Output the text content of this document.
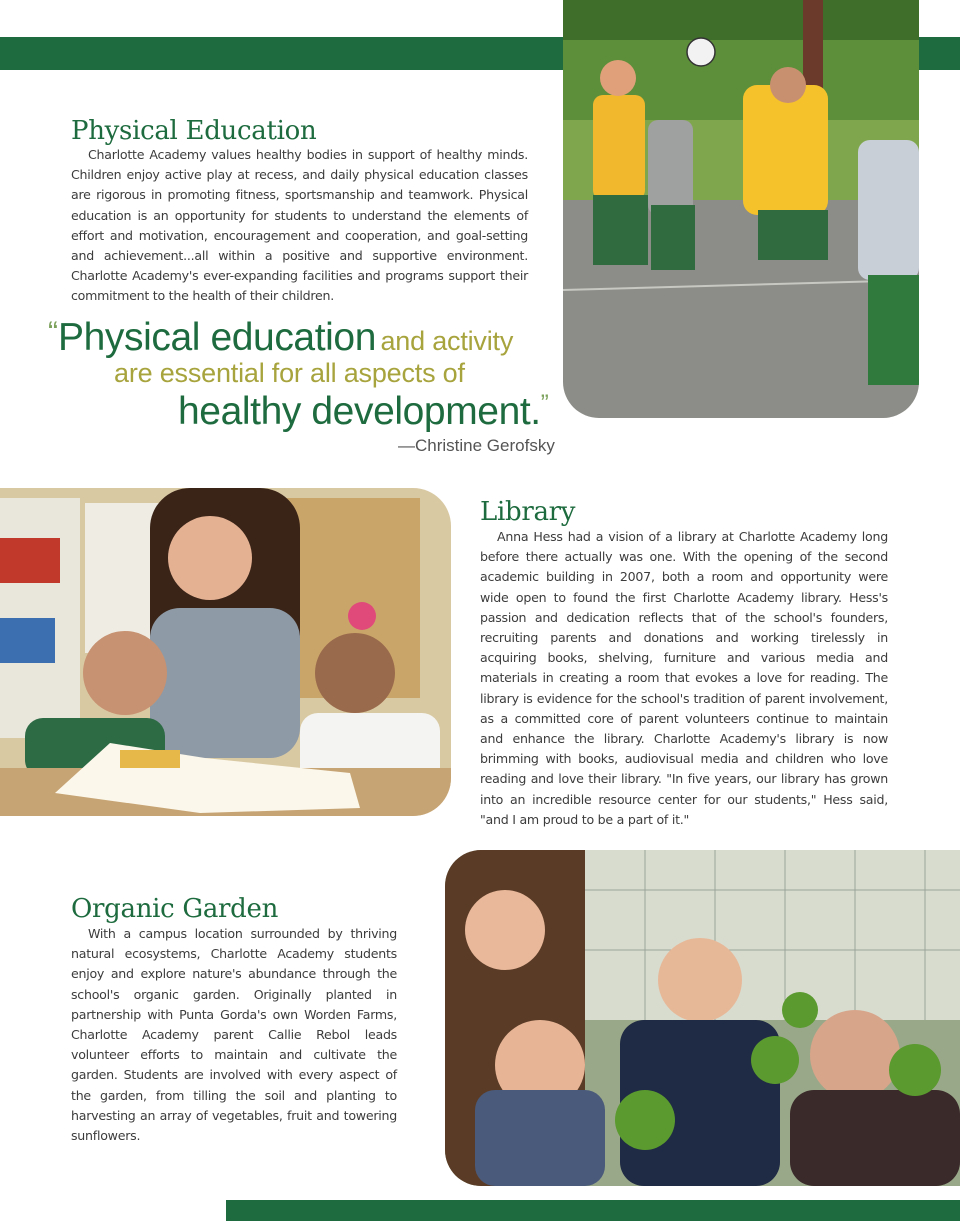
Physical Education

Charlotte Academy values healthy bodies in support of healthy minds. Children enjoy active play at recess, and daily physical education classes are rigorous in promoting fitness, sportsmanship and teamwork. Physical education is an opportunity for students to understand the elements of effort and motivation, encouragement and cooperation, and goal-setting and achievement...all within a positive and supportive environment. Charlotte Academy's ever-expanding facilities and programs support their commitment to the health of their children.

“Physical education and activity
are essential for all aspects of
healthy development.”
—Christine Gerofsky
Library

Anna Hess had a vision of a library at Charlotte Academy long before there actually was one. With the opening of the second academic building in 2007, both a room and opportunity were wide open to found the first Charlotte Academy library. Hess's passion and dedication reflects that of the school's founders, recruiting parents and donations and working tirelessly in acquiring books, shelving, furniture and various media and materials in creating a room that evokes a love for reading. The library is evidence for the school's tradition of parent involvement, as a committed core of parent volunteers continue to maintain and enhance the library. Charlotte Academy's library is now brimming with books, audiovisual media and children who love reading and love their library. "In five years, our library has grown into an incredible resource center for our students," Hess said, "and I am proud to be a part of it."

Organic Garden

With a campus location surrounded by thriving natural ecosystems, Charlotte Academy students enjoy and explore nature's abundance through the school's organic garden. Originally planted in partnership with Punta Gorda's own Worden Farms, Charlotte Academy parent Callie Rebol leads volunteer efforts to maintain and cultivate the garden. Students are involved with every aspect of the garden, from tilling the soil and planting to harvesting an array of vegetables, fruit and towering sunflowers.
